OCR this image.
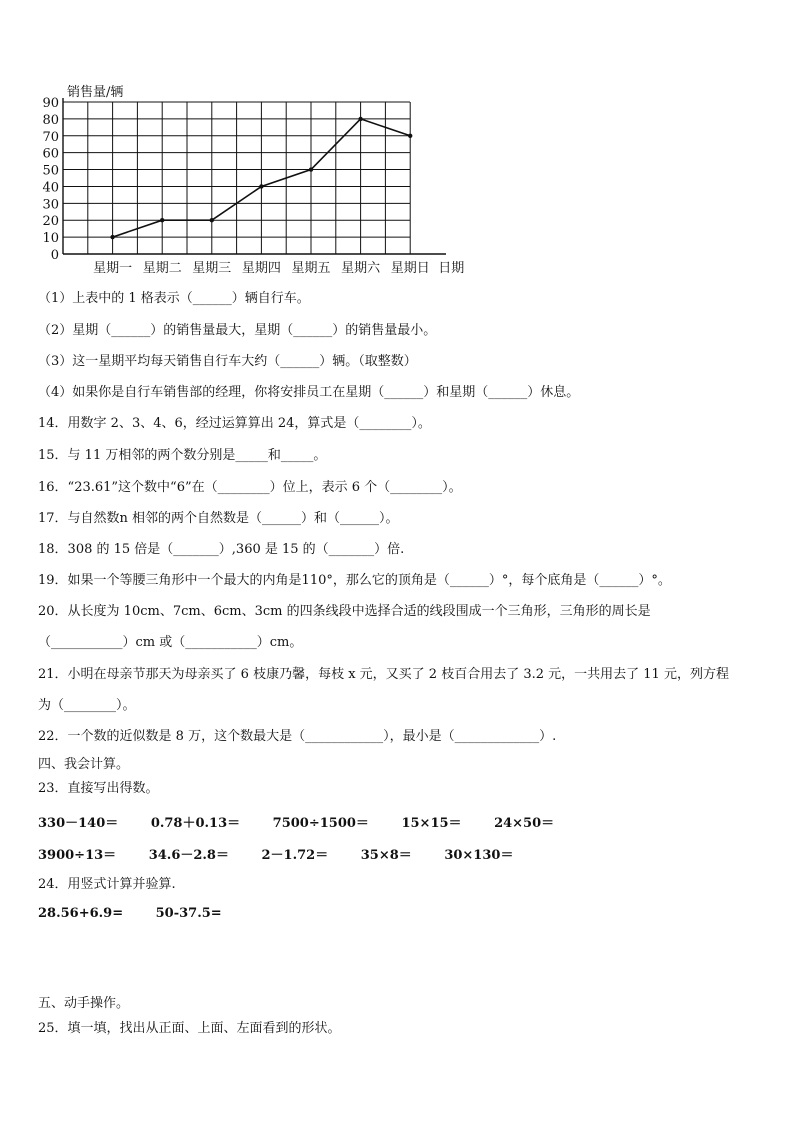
0
10
20
30
40
50
60
70
80
90
星期一 星期二 星期三 星期四 星期五 星期六 星期日
销售量/辆
日期
（1）上表中的 1 格表示（______）辆自行车。
（2）星期（______）的销售量最大，星期（______）的销售量最小。
（3）这一星期平均每天销售自行车大约（______）辆。（取整数）
（4）如果你是自行车销售部的经理，你将安排员工在星期（______）和星期（______）休息。
14．用数字 2、3、4、6，经过运算算出 24，算式是（________）。
15．与 11 万相邻的两个数分别是_____和_____。
16．“23.61”这个数中“6”在（________）位上，表示 6 个（________）。
17．与自然数n 相邻的两个自然数是（______）和（______）。
18．308 的 15 倍是（_______）,360 是 15 的（_______）倍.
19．如果一个等腰三角形中一个最大的内角是110°，那么它的顶角是（______）°，每个底角是（______）°。
20．从长度为 10cm、7cm、6cm、3cm 的四条线段中选择合适的线段围成一个三角形，三角形的周长是
（___________）cm 或（___________）cm。
21．小明在母亲节那天为母亲买了 6 枝康乃馨，每枝 x 元，又买了 2 枝百合用去了 3.2 元，一共用去了 11 元，列方程
为（________）。
22．一个数的近似数是 8 万，这个数最大是（____________），最小是（_____________）.
四、我会计算。
23．直接写出得数。
330－140＝	0.78＋0.13＝	7500÷1500＝	15×15＝	24×50＝
3900÷13＝	34.6－2.8＝	2－1.72＝	35×8＝	30×130＝
24．用竖式计算并验算.
28.56+6.9=	50-37.5=
五、动手操作。
25．填一填，找出从正面、上面、左面看到的形状。
